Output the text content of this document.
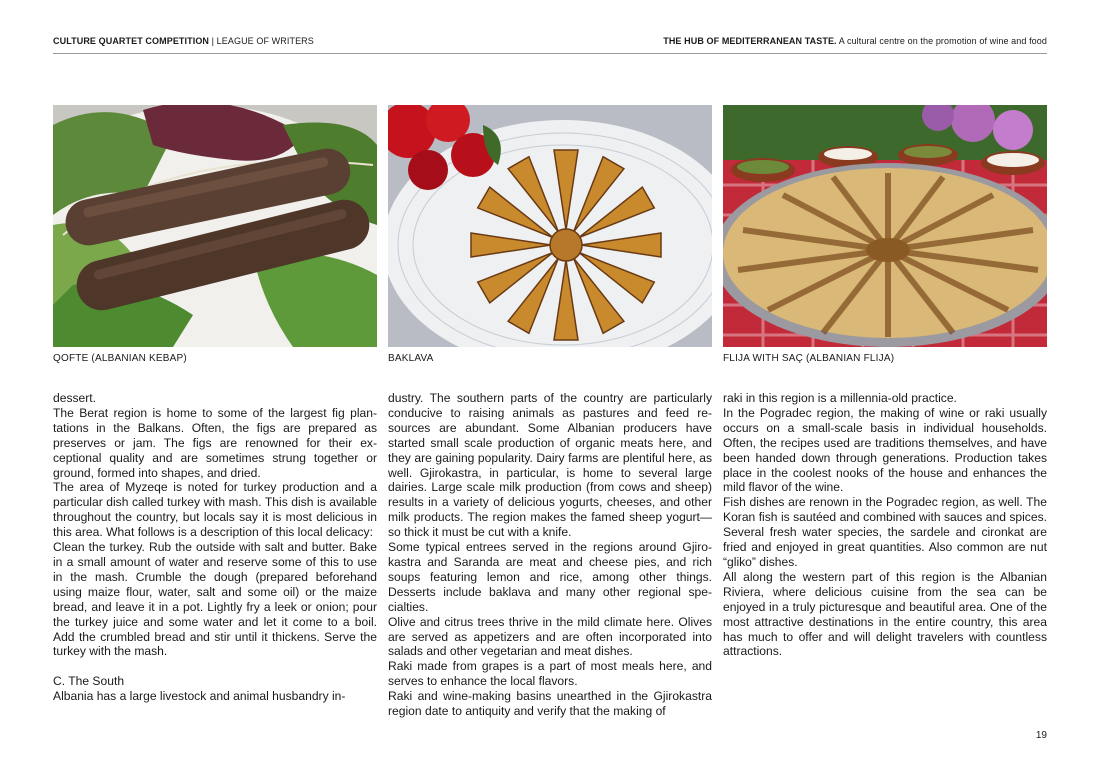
CULTURE QUARTET COMPETITION | LEAGUE OF WRITERS	THE HUB OF MEDITERRANEAN TASTE. A cultural centre on the promotion of wine and food
QOFTE (ALBANIAN KEBAP)	BAKLAVA	FLIJA WITH SAÇ (ALBANIAN FLIJA)

dessert.

The Berat region is home to some of the largest fig plantations in the Balkans. Often, the figs are prepared as preserves or jam. The figs are renowned for their exceptional quality and are sometimes strung together or ground, formed into shapes, and dried.

The area of Myzeqe is noted for turkey production and a particular dish called turkey with mash. This dish is available throughout the country, but locals say it is most delicious in this area. What follows is a description of this local delicacy:

Clean the turkey. Rub the outside with salt and butter. Bake in a small amount of water and reserve some of this to use in the mash. Crumble the dough (prepared beforehand using maize flour, water, salt and some oil) or the maize bread, and leave it in a pot. Lightly fry a leek or onion; pour the turkey juice and some water and let it come to a boil. Add the crumbled bread and stir until it thickens. Serve the turkey with the mash.

C. The South

Albania has a large livestock and animal husbandry in-

dustry. The southern parts of the country are particularly conducive to raising animals as pastures and feed resources are abundant. Some Albanian producers have started small scale production of organic meats here, and they are gaining popularity. Dairy farms are plentiful here, as well. Gjirokastra, in particular, is home to several large dairies. Large scale milk production (from cows and sheep) results in a variety of delicious yogurts, cheeses, and other milk products. The region makes the famed sheep yogurt—so thick it must be cut with a knife.

Some typical entrees served in the regions around Gjirokastra and Saranda are meat and cheese pies, and rich soups featuring lemon and rice, among other things. Desserts include baklava and many other regional specialties.

Olive and citrus trees thrive in the mild climate here. Olives are served as appetizers and are often incorporated into salads and other vegetarian and meat dishes.

Raki made from grapes is a part of most meals here, and serves to enhance the local flavors.

Raki and wine-making basins unearthed in the Gjirokastra region date to antiquity and verify that the making of

raki in this region is a millennia-old practice.

In the Pogradec region, the making of wine or raki usually occurs on a small-scale basis in individual households. Often, the recipes used are traditions themselves, and have been handed down through generations. Production takes place in the coolest nooks of the house and enhances the mild flavor of the wine.

Fish dishes are renown in the Pogradec region, as well. The Koran fish is sautéed and combined with sauces and spices. Several fresh water species, the sardele and cironkat are fried and enjoyed in great quantities. Also common are nut “gliko” dishes.

All along the western part of this region is the Albanian Riviera, where delicious cuisine from the sea can be enjoyed in a truly picturesque and beautiful area. One of the most attractive destinations in the entire country, this area has much to offer and will delight travelers with countless attractions.

19
